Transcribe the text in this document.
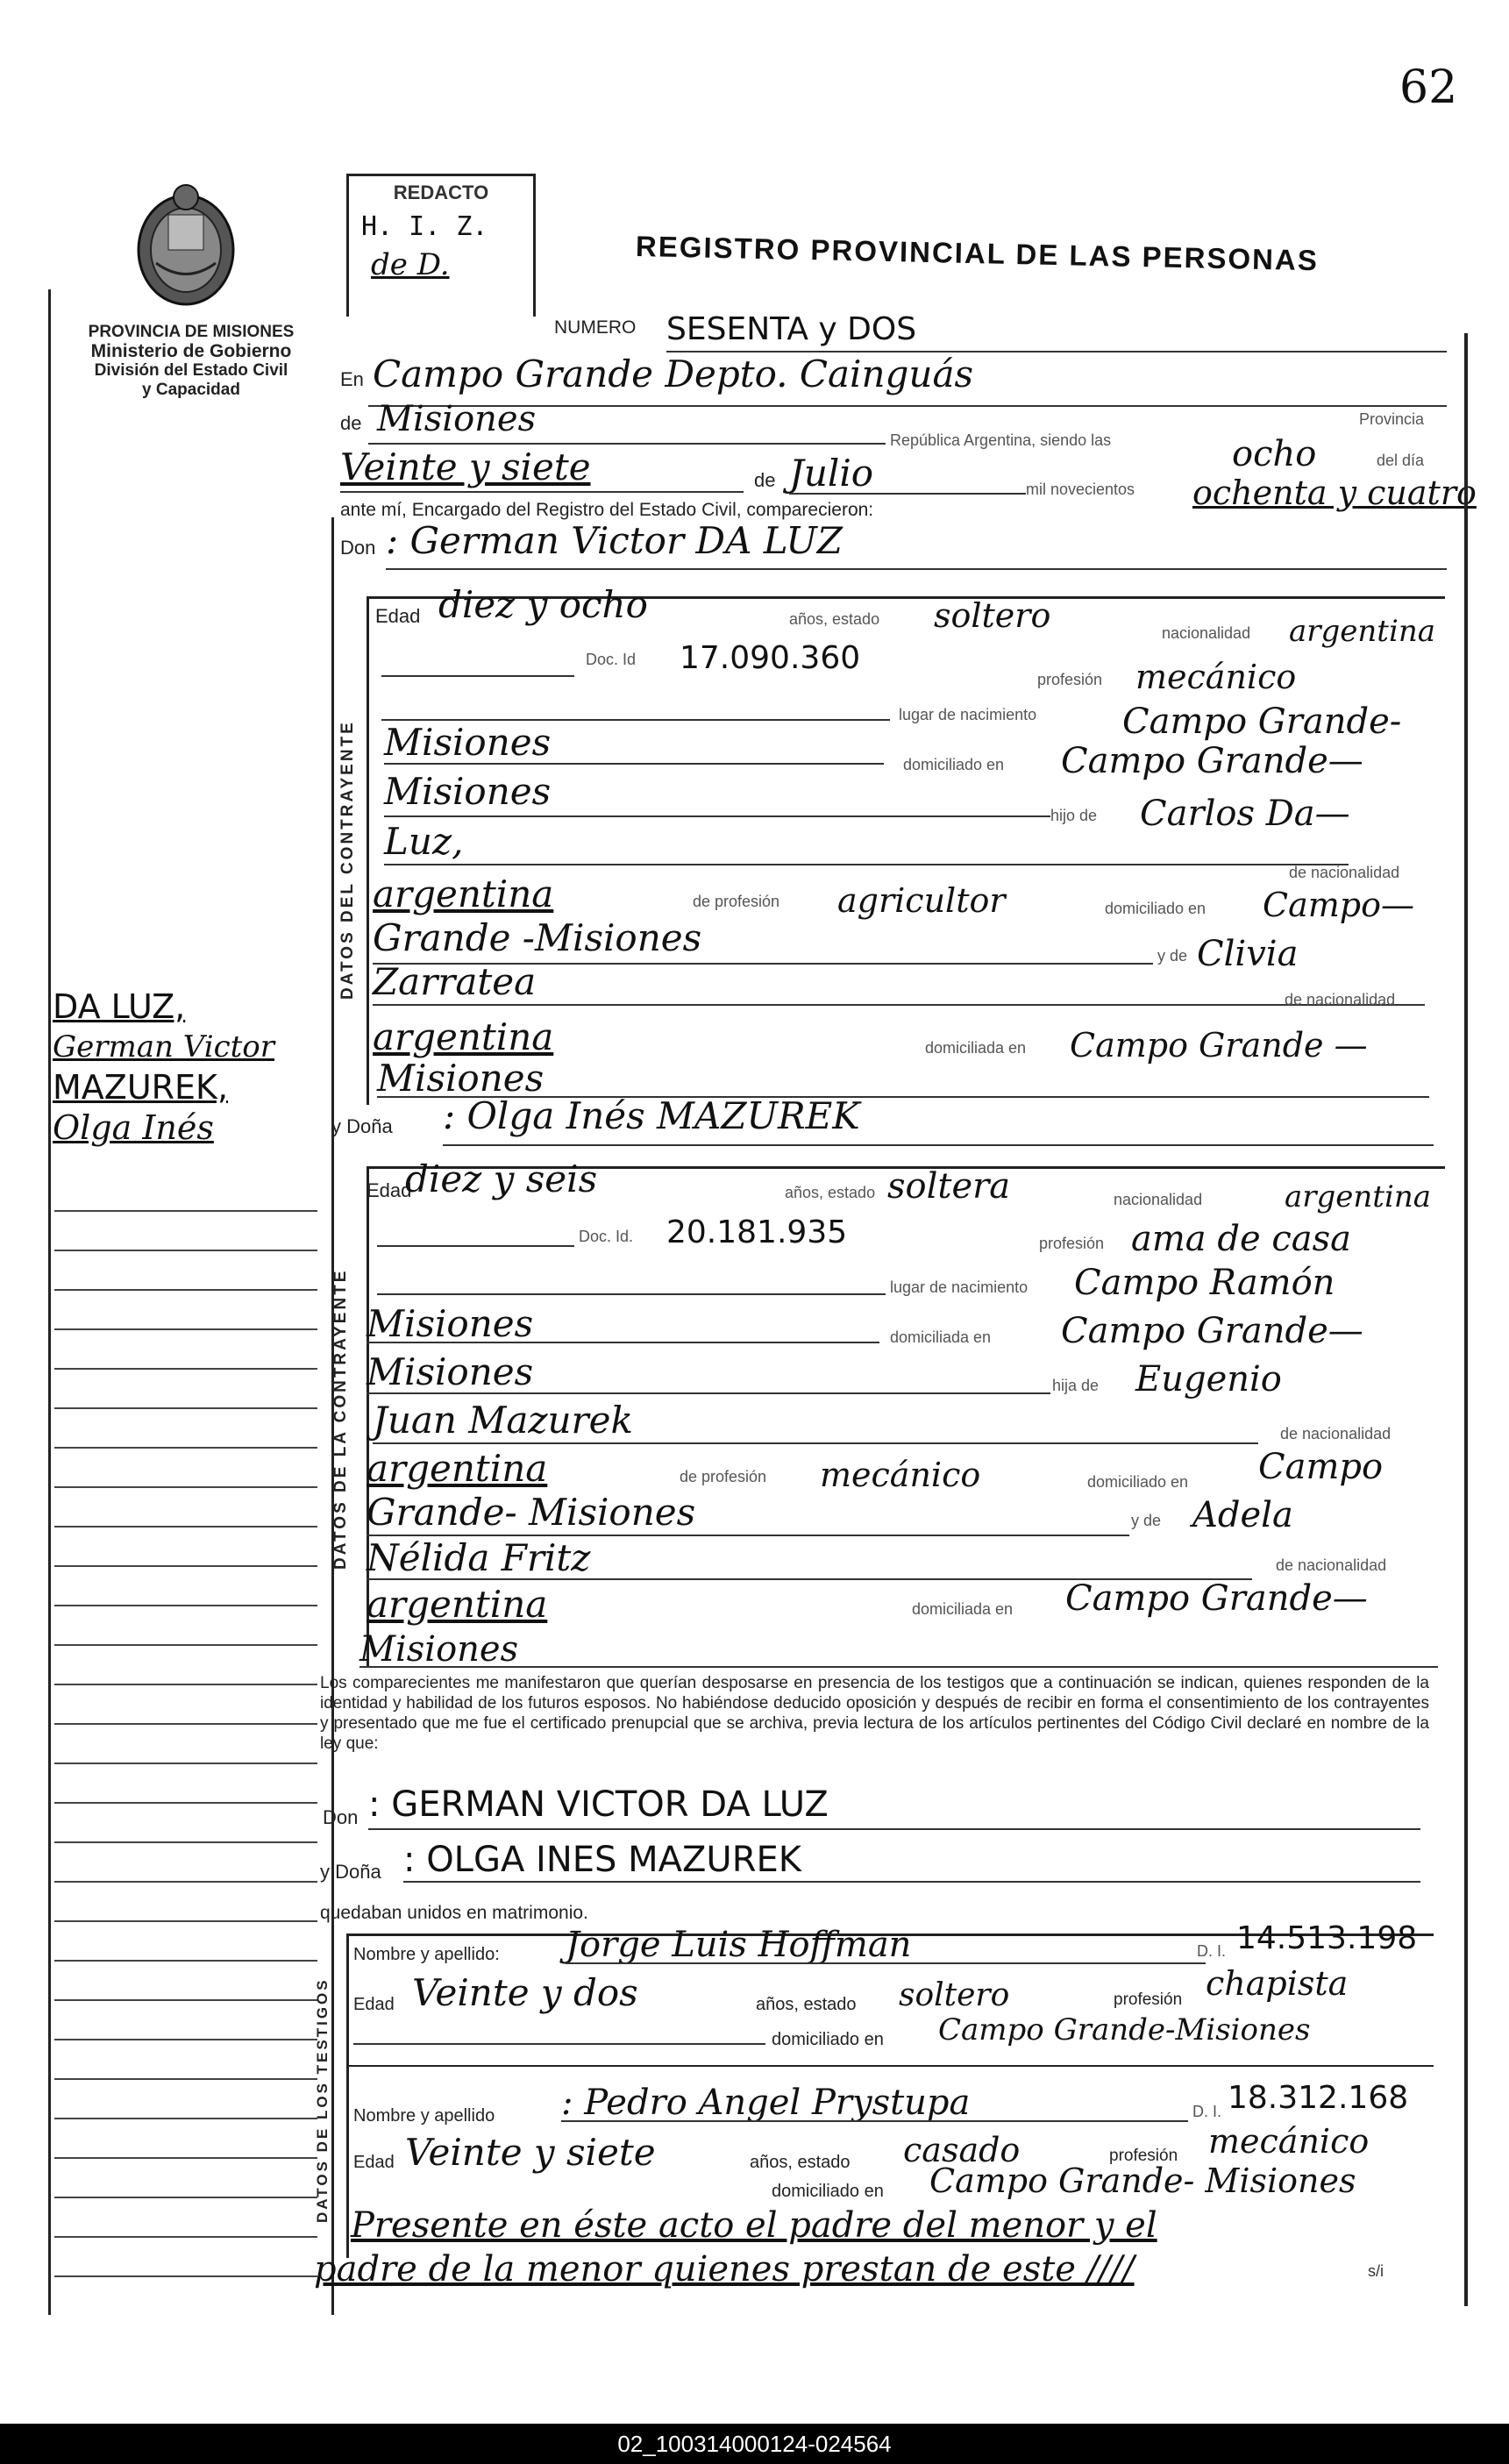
62
PROVINCIA DE MISIONES
Ministerio de Gobierno
División del Estado Civil
y Capacidad
DA LUZ,
German Victor
MAZUREK,
Olga Inés
REDACTO
H. I. Z.
de D.	REGISTRO PROVINCIAL DE LAS PERSONAS
NUMERO SESENTA y DOS
En Campo Grande Depto. Cainguás
Provincia
de Misiones
República Argentina, siendo las	ocho	del día
Veinte y siete	de Julio	mil novecientos ochenta y cuatro
ante mí, Encargado del Registro del Estado Civil, comparecieron:
Don : German Victor DA LUZ
DATOS DEL CONTRAYENTE
Edad diez y ocho	años, estado soltero	nacionalidad argentina
Doc. Id 17.090.360
profesión mecánico
lugar de nacimiento Campo Grande-
Misiones
domiciliado en Campo Grande—
Misiones
hijo de Carlos Da—
Luz,
de nacionalidad
argentina	de profesión agricultor	domiciliado en Campo—
Grande -Misiones	y de Clivia
Zarratea	de nacionalidad
argentina	domiciliada en Campo Grande —
Misiones
y Doña : Olga Inés MAZUREK
DATOS DE LA CONTRAYENTE
Edad
diez y seis	años, estado soltera	nacionalidad	argentina
Doc. Id. 20.181.935	profesión ama de casa
lugar de nacimiento Campo Ramón
Misiones	domiciliada en Campo Grande—
Misiones	hija de Eugenio
Juan Mazurek	de nacionalidad
argentina	de profesión mecánico	domiciliado en Campo
Grande- Misiones	y de Adela
Nélida Fritz	de nacionalidad
argentina	domiciliada en Campo Grande—
Misiones
Los comparecientes me manifestaron que querían desposarse en presencia de los testigos que a continuación se indican, quienes responden de la identidad y habilidad de los futuros esposos. No habiéndose deducido oposición y después de recibir en forma el consentimiento de los contrayentes y presentado que me fue el certificado prenupcial que se archiva, previa lectura de los artículos pertinentes del Código Civil declaré en nombre de la ley que:
Don : GERMAN VICTOR DA LUZ
y Doña : OLGA INES MAZUREK
quedaban unidos en matrimonio.
DATOS DE LOS TESTIGOS
Nombre y apellido: Jorge Luis Hoffman	D. I. 14.513.198
Edad Veinte y dos	años, estado soltero	profesión chapista
domiciliado en Campo Grande-Misiones
Nombre y apellido : Pedro Angel Prystupa	D. I. 18.312.168
Edad Veinte y siete	años, estado casado	profesión mecánico
domiciliado en Campo Grande- Misiones
Presente en éste acto el padre del menor y el
padre de la menor quienes prestan de este ////	s/i
02_100314000124-024564
